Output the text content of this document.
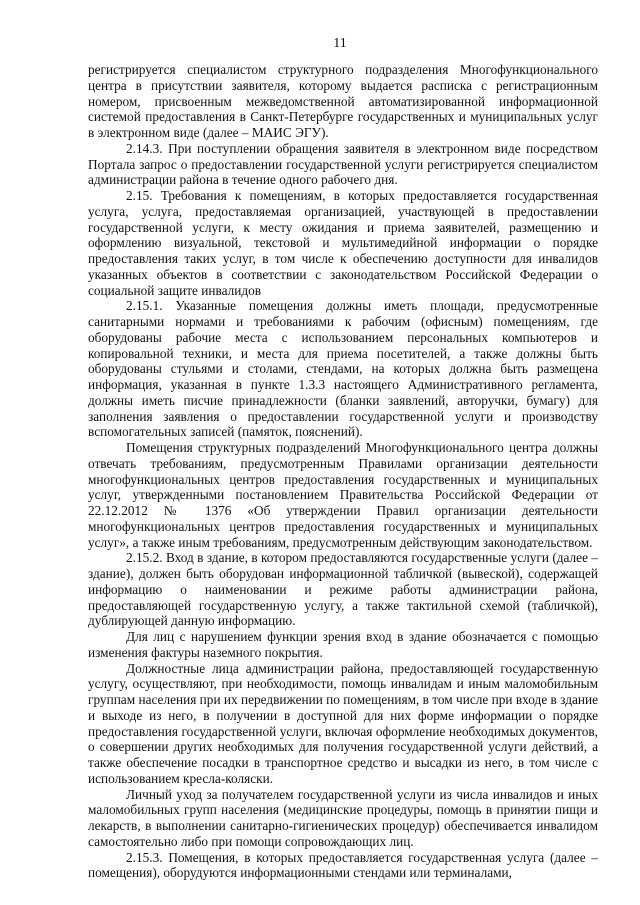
11

регистрируется специалистом структурного подразделения Многофункционального центра в присутствии заявителя, которому выдается расписка с регистрационным номером, присвоенным межведомственной автоматизированной информационной системой предоставления в Санкт-Петербурге государственных и муниципальных услуг в электронном виде (далее – МАИС ЭГУ).

2.14.3. При поступлении обращения заявителя в электронном виде посредством Портала запрос о предоставлении государственной услуги регистрируется специалистом администрации района в течение одного рабочего дня.

2.15. Требования к помещениям, в которых предоставляется государственная услуга, услуга, предоставляемая организацией, участвующей в предоставлении государственной услуги, к месту ожидания и приема заявителей, размещению и оформлению визуальной, текстовой и мультимедийной информации о порядке предоставления таких услуг, в том числе к обеспечению доступности для инвалидов указанных объектов в соответствии с законодательством Российской Федерации о социальной защите инвалидов

2.15.1. Указанные помещения должны иметь площади, предусмотренные санитарными нормами и требованиями к рабочим (офисным) помещениям, где оборудованы рабочие места с использованием персональных компьютеров и копировальной техники, и места для приема посетителей, а также должны быть оборудованы стульями и столами, стендами, на которых должна быть размещена информация, указанная в пункте 1.3.3 настоящего Административного регламента, должны иметь писчие принадлежности (бланки заявлений, авторучки, бумагу) для заполнения заявления о предоставлении государственной услуги и производству вспомогательных записей (памяток, пояснений).

Помещения структурных подразделений Многофункционального центра должны отвечать требованиям, предусмотренным Правилами организации деятельности многофункциональных центров предоставления государственных и муниципальных услуг, утвержденными постановлением Правительства Российской Федерации от 22.12.2012 № 1376 «Об утверждении Правил организации деятельности многофункциональных центров предоставления государственных и муниципальных услуг», а также иным требованиям, предусмотренным действующим законодательством.

2.15.2. Вход в здание, в котором предоставляются государственные услуги (далее – здание), должен быть оборудован информационной табличкой (вывеской), содержащей информацию о наименовании и режиме работы администрации района, предоставляющей государственную услугу, а также тактильной схемой (табличкой), дублирующей данную информацию.

Для лиц с нарушением функции зрения вход в здание обозначается с помощью изменения фактуры наземного покрытия.

Должностные лица администрации района, предоставляющей государственную услугу, осуществляют, при необходимости, помощь инвалидам и иным маломобильным группам населения при их передвижении по помещениям, в том числе при входе в здание и выходе из него, в получении в доступной для них форме информации о порядке предоставления государственной услуги, включая оформление необходимых документов, о совершении других необходимых для получения государственной услуги действий, а также обеспечение посадки в транспортное средство и высадки из него, в том числе с использованием кресла-коляски.

Личный уход за получателем государственной услуги из числа инвалидов и иных маломобильных групп населения (медицинские процедуры, помощь в принятии пищи и лекарств, в выполнении санитарно-гигиенических процедур) обеспечивается инвалидом самостоятельно либо при помощи сопровождающих лиц.

2.15.3. Помещения, в которых предоставляется государственная услуга (далее – помещения), оборудуются информационными стендами или терминалами,
